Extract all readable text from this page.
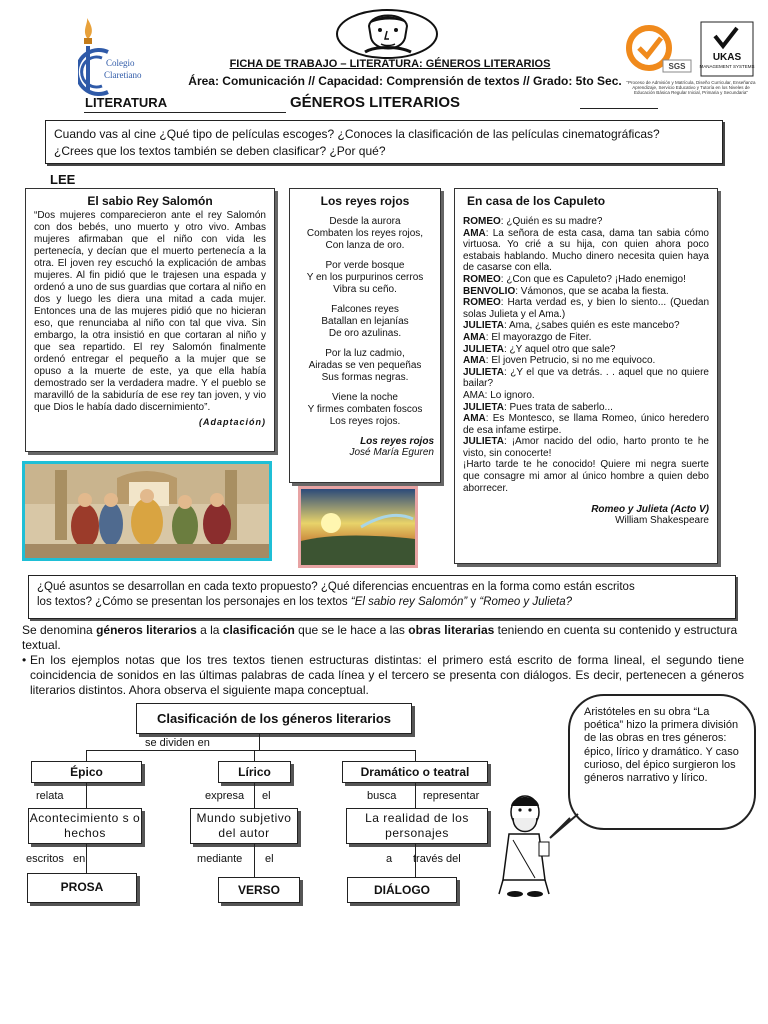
Colegio
Claretiano
SGS
UKAS
MANAGEMENT SYSTEMS
"Proceso de Admisión y Matrícula, Diseño Curricular, Enseñanza Aprendizaje, Servicio Educativo y Tutoría en los Niveles de Educación Básica Regular Inicial, Primaria y Secundaria"
FICHA DE TRABAJO – LITERATURA: GÉNEROS LITERARIOS
Área: Comunicación // Capacidad: Comprensión de textos // Grado: 5to Sec.
LITERATURA	GÉNEROS LITERARIOS
Cuando vas al cine ¿Qué tipo de películas escoges? ¿Conoces la clasificación de las películas cinematográficas?
¿Crees que los textos también se deben clasificar? ¿Por qué?
LEE
El sabio Rey Salomón
“Dos mujeres comparecieron ante el rey Salomón con dos bebés, uno muerto y otro vivo. Ambas mujeres afirmaban que el niño con vida les pertenecía, y decían que el muerto pertenecía a la otra. El joven rey escuchó la explicación de ambas mujeres. Al fin pidió que le trajesen una espada y ordenó a uno de sus guardias que cortara al niño en dos y luego les diera una mitad a cada mujer. Entonces una de las mujeres pidió que no hicieran eso, que renunciaba al niño con tal que viva. Sin embargo, la otra insistió en que cortaran al niño y que sea repartido. El rey Salomón finalmente ordenó entregar el pequeño a la mujer que se opuso a la muerte de este, ya que ella había demostrado ser la verdadera madre. Y el pueblo se maravilló de la sabiduría de ese rey tan joven, y vio que Dios le había dado discernimiento”.
(Adaptación)
Los reyes rojos
Desde la aurora
Combaten los reyes rojos,
Con lanza de oro.
Por verde bosque
Y en los purpurinos cerros
Vibra su ceño.
Falcones reyes
Batallan en lejanías
De oro azulinas.
Por la luz cadmio,
Airadas se ven pequeñas
Sus formas negras.
Viene la noche
Y firmes combaten foscos
Los reyes rojos.
Los reyes rojos
José María Eguren
En casa de los Capuleto

ROMEO: ¿Quién es su madre?

AMA: La señora de esta casa, dama tan sabia cómo virtuosa. Yo crié a su hija, con quien ahora poco estabais hablando. Mucho dinero necesita quien haya de casarse con ella.

ROMEO: ¿Con que es Capuleto? ¡Hado enemigo!

BENVOLIO: Vámonos, que se acaba la fiesta.

ROMEO: Harta verdad es, y bien lo siento... (Quedan solas Julieta y el Ama.)

JULIETA: Ama, ¿sabes quién es este mancebo?

AMA: El mayorazgo de Fiter.

JULIETA: ¿Y aquel otro que sale?

AMA: El joven Petrucio, si no me equivoco.

JULIETA: ¿Y el que va detrás. . . aquel que no quiere bailar?

AMA: Lo ignoro.

JULIETA: Pues trata de saberlo...

AMA: Es Montesco, se llama Romeo, único heredero de esa infame estirpe.

JULIETA: ¡Amor nacido del odio, harto pronto te he visto, sin conocerte!

¡Harto tarde te he conocido! Quiere mi negra suerte que consagre mi amor al único hombre a quien debo aborrecer.

Romeo y Julieta (Acto V)
William Shakespeare
¿Qué asuntos se desarrollan en cada texto propuesto? ¿Qué diferencias encuentras en la forma como están escritos
los textos? ¿Cómo se presentan los personajes en los textos “El sabio rey Salomón” y “Romeo y Julieta?
Se denomina géneros literarios a la clasificación que se le hace a las obras literarias teniendo en cuenta su contenido y estructura textual.
• En los ejemplos notas que los tres textos tienen estructuras distintas: el primero está escrito de forma lineal, el segundo tiene coincidencia de sonidos en las últimas palabras de cada línea y el tercero se presenta con diálogos. Es decir, pertenecen a géneros literarios distintos. Ahora observa el siguiente mapa conceptual.
Clasificación de los géneros literarios
se dividen en
Épico	Lírico	Dramático o teatral
relata	expresa el	busca representar
Acontecimiento s o hechos
Mundo subjetivo del autor
La realidad de los personajes
escritos en	mediante el	a través del
PROSA	VERSO	DIÁLOGO
Aristóteles en su obra “La poética” hizo la primera división de las obras en tres géneros: épico, lírico y dramático. Y caso curioso, del épico surgieron los géneros narrativo y lírico.
